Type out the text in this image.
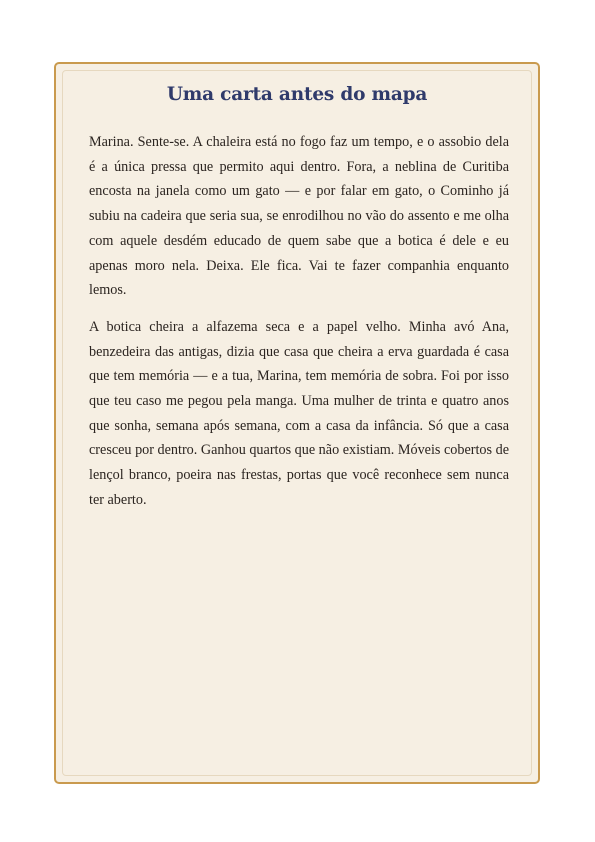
Uma carta antes do mapa

Marina. Sente-se. A chaleira está no fogo faz um tempo, e o assobio dela é a única pressa que permito aqui dentro. Fora, a neblina de Curitiba encosta na janela como um gato — e por falar em gato, o Cominho já subiu na cadeira que seria sua, se enrodilhou no vão do assento e me olha com aquele desdém educado de quem sabe que a botica é dele e eu apenas moro nela. Deixa. Ele fica. Vai te fazer companhia enquanto lemos.

A botica cheira a alfazema seca e a papel velho. Minha avó Ana, benzedeira das antigas, dizia que casa que cheira a erva guardada é casa que tem memória — e a tua, Marina, tem memória de sobra. Foi por isso que teu caso me pegou pela manga. Uma mulher de trinta e quatro anos que sonha, semana após semana, com a casa da infância. Só que a casa cresceu por dentro. Ganhou quartos que não existiam. Móveis cobertos de lençol branco, poeira nas frestas, portas que você reconhece sem nunca ter aberto.
